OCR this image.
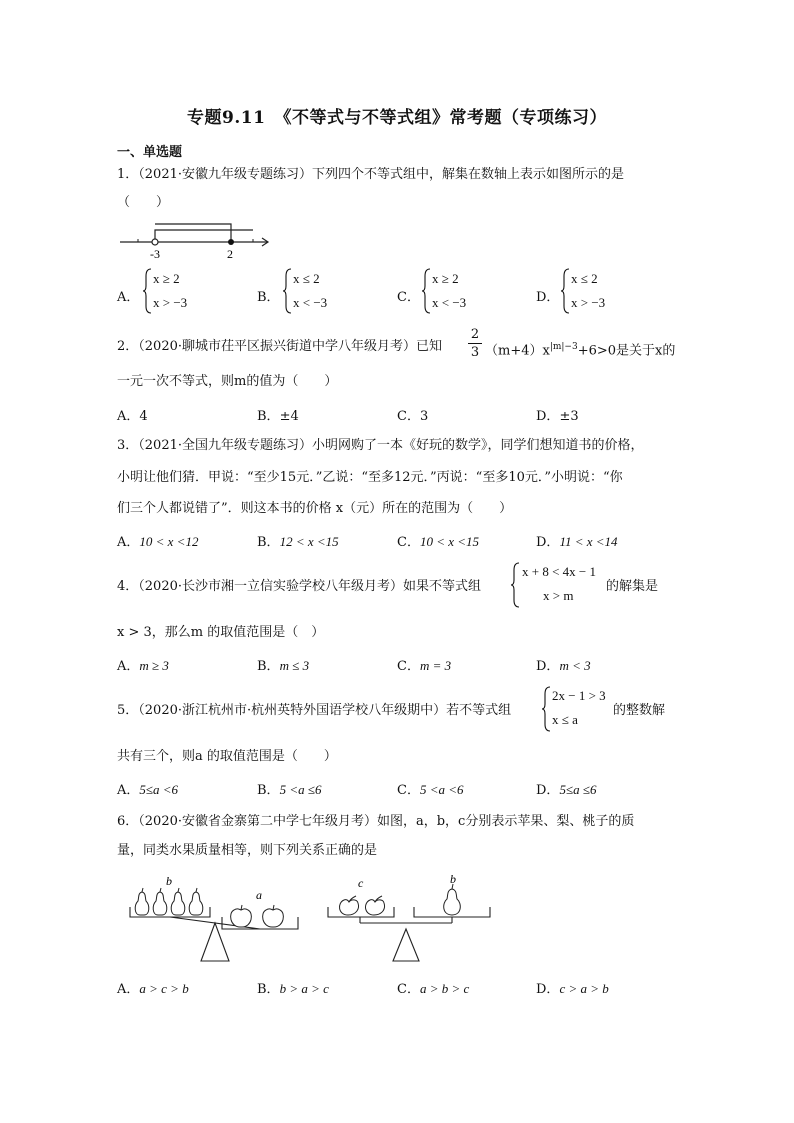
专题9.11　《不等式与不等式组》常考题（专项练习）
一、单选题
1．（2021·安徽九年级专题练习）下列四个不等式组中，解集在数轴上表示如图所示的是
（　　）
-3	2
A．
x ≥ 2
x > −3	B．
x ≤ 2
x < −3	C．
x ≥ 2
x < −3	D．
x ≤ 2
x > −3
2．（2020·聊城市茌平区振兴街道中学八年级月考）已知 $\frac{2}{3} (m+4)x^{|m|-3}+6>0$是关于x的
一元一次不等式，则m的值为（　　）
A．4	B．±4	C．3	D．±3
3．（2021·全国九年级专题练习）小明网购了一本《好玩的数学》，同学们想知道书的价格，
小明让他们猜．甲说：“至少15元．”乙说：“至多12元．”丙说：“至多10元．”小明说：“你
们三个人都说错了”．则这本书的价格 x（元）所在的范围为（　　）
A．10 < x <12	B．12 < x <15	C．10 < x <15	D．11 < x <14
4．（2020·长沙市湘一立信实验学校八年级月考）如果不等式组
x + 8 < 4x − 1
x > m
的解集是
x > 3，那么m 的取值范围是（　）
A．m ≥ 3	B．m ≤ 3	C．m = 3	D．m < 3
5．（2020·浙江杭州市·杭州英特外国语学校八年级期中）若不等式组
2x − 1 > 3
x ≤ a
的整数解
共有三个，则a 的取值范围是（　　）
A．5≤a <6	B．5 <a ≤6	C．5 <a <6	D．5≤a ≤6
6．（2020·安徽省金寨第二中学七年级月考）如图，a，b，c分别表示苹果、梨、桃子的质
量，同类水果质量相等，则下列关系正确的是
b
a
c	b
A．a > c > b	B．b > a > c	C．a > b > c	D．c > a > b
